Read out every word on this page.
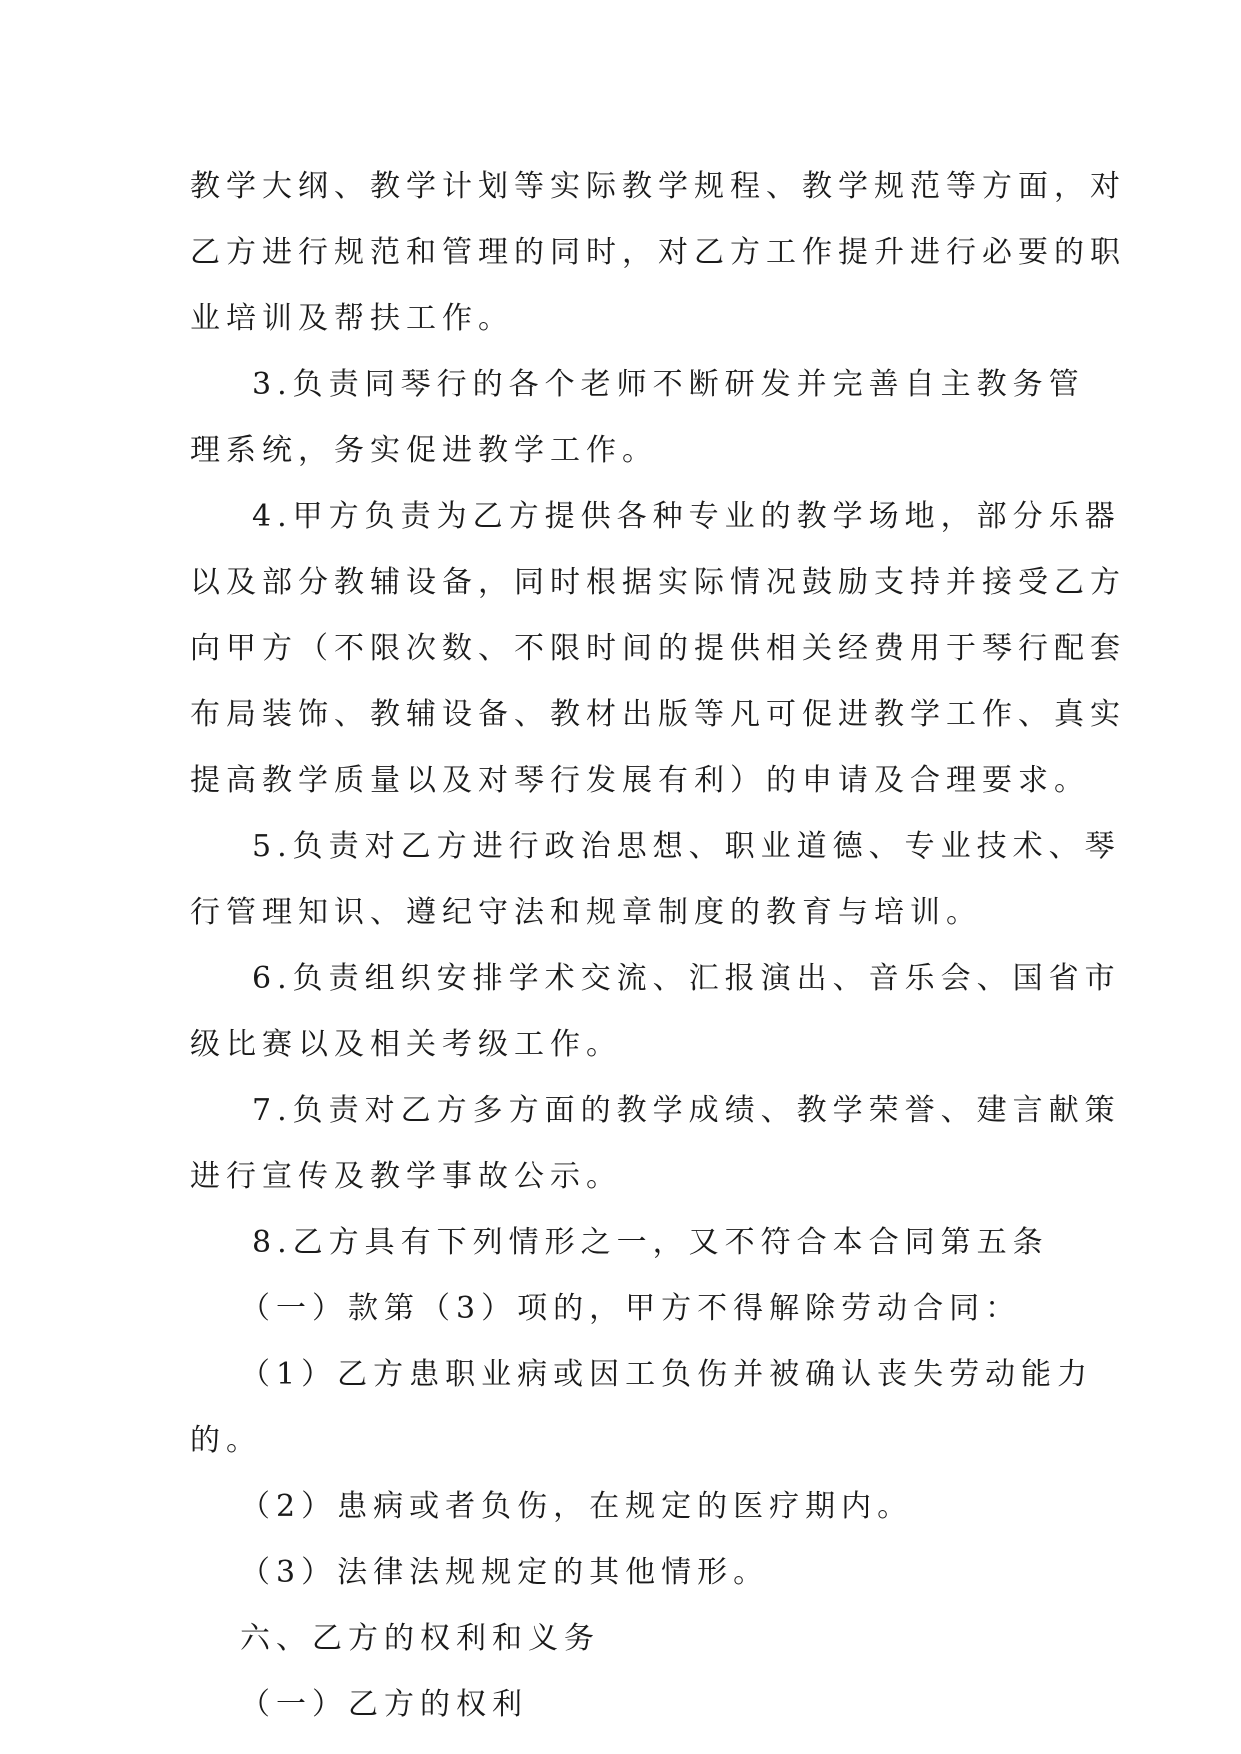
教学大纲、教学计划等实际教学规程、教学规范等方面，对
乙方进行规范和管理的同时，对乙方工作提升进行必要的职
业培训及帮扶工作。
3.负责同琴行的各个老师不断研发并完善自主教务管
理系统，务实促进教学工作。
4.甲方负责为乙方提供各种专业的教学场地，部分乐器
以及部分教辅设备，同时根据实际情况鼓励支持并接受乙方
向甲方（不限次数、不限时间的提供相关经费用于琴行配套
布局装饰、教辅设备、教材出版等凡可促进教学工作、真实
提高教学质量以及对琴行发展有利）的申请及合理要求。
5.负责对乙方进行政治思想、职业道德、专业技术、琴
行管理知识、遵纪守法和规章制度的教育与培训。
6.负责组织安排学术交流、汇报演出、音乐会、国省市
级比赛以及相关考级工作。
7.负责对乙方多方面的教学成绩、教学荣誉、建言献策
进行宣传及教学事故公示。
8.乙方具有下列情形之一，又不符合本合同第五条
（一）款第（3）项的，甲方不得解除劳动合同：
（1）乙方患职业病或因工负伤并被确认丧失劳动能力
的。
（2）患病或者负伤，在规定的医疗期内。
（3）法律法规规定的其他情形。
六、乙方的权利和义务
（一）乙方的权利
